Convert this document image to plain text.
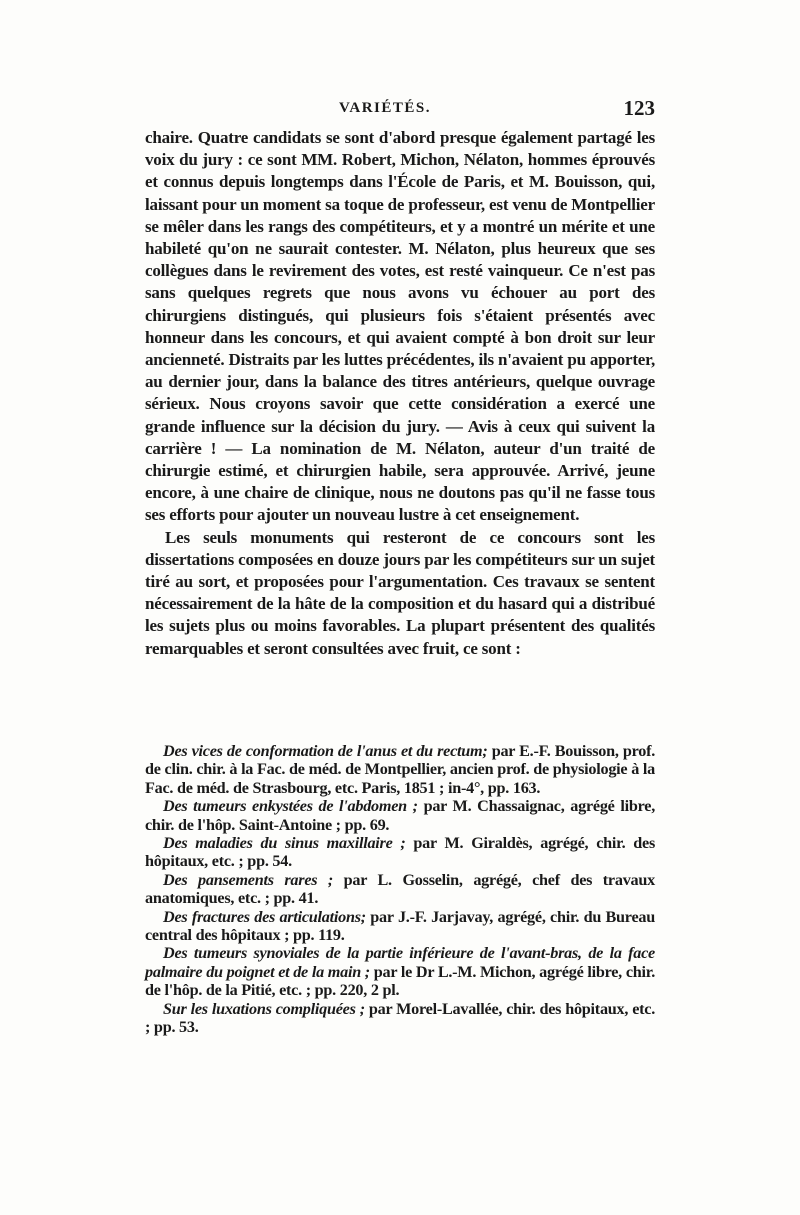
VARIÉTÉS.	123

chaire. Quatre candidats se sont d'abord presque également partagé les voix du jury : ce sont MM. Robert, Michon, Nélaton, hommes éprouvés et connus depuis longtemps dans l'École de Paris, et M. Bouisson, qui, laissant pour un moment sa toque de professeur, est venu de Montpellier se mêler dans les rangs des compétiteurs, et y a montré un mérite et une habileté qu'on ne saurait contester. M. Nélaton, plus heureux que ses collègues dans le revirement des votes, est resté vainqueur. Ce n'est pas sans quelques regrets que nous avons vu échouer au port des chirurgiens distingués, qui plusieurs fois s'étaient présentés avec honneur dans les concours, et qui avaient compté à bon droit sur leur ancienneté. Distraits par les luttes précédentes, ils n'avaient pu apporter, au dernier jour, dans la balance des titres antérieurs, quelque ouvrage sérieux. Nous croyons savoir que cette considération a exercé une grande influence sur la décision du jury. — Avis à ceux qui suivent la carrière ! — La nomination de M. Nélaton, auteur d'un traité de chirurgie estimé, et chirurgien habile, sera approuvée. Arrivé, jeune encore, à une chaire de clinique, nous ne doutons pas qu'il ne fasse tous ses efforts pour ajouter un nouveau lustre à cet enseignement.

Les seuls monuments qui resteront de ce concours sont les dissertations composées en douze jours par les compétiteurs sur un sujet tiré au sort, et proposées pour l'argumentation. Ces travaux se sentent nécessairement de la hâte de la composition et du hasard qui a distribué les sujets plus ou moins favorables. La plupart présentent des qualités remarquables et seront consultées avec fruit, ce sont :

Des vices de conformation de l'anus et du rectum; par E.-F. Bouisson, prof. de clin. chir. à la Fac. de méd. de Montpellier, ancien prof. de physiologie à la Fac. de méd. de Strasbourg, etc. Paris, 1851 ; in-4°, pp. 163.

Des tumeurs enkystées de l'abdomen ; par M. Chassaignac, agrégé libre, chir. de l'hôp. Saint-Antoine ; pp. 69.

Des maladies du sinus maxillaire ; par M. Giraldès, agrégé, chir. des hôpitaux, etc. ; pp. 54.

Des pansements rares ; par L. Gosselin, agrégé, chef des travaux anatomiques, etc. ; pp. 41.

Des fractures des articulations; par J.-F. Jarjavay, agrégé, chir. du Bureau central des hôpitaux ; pp. 119.

Des tumeurs synoviales de la partie inférieure de l'avant-bras, de la face palmaire du poignet et de la main ; par le Dr L.-M. Michon, agrégé libre, chir. de l'hôp. de la Pitié, etc. ; pp. 220, 2 pl.

Sur les luxations compliquées ; par Morel-Lavallée, chir. des hôpitaux, etc. ; pp. 53.
